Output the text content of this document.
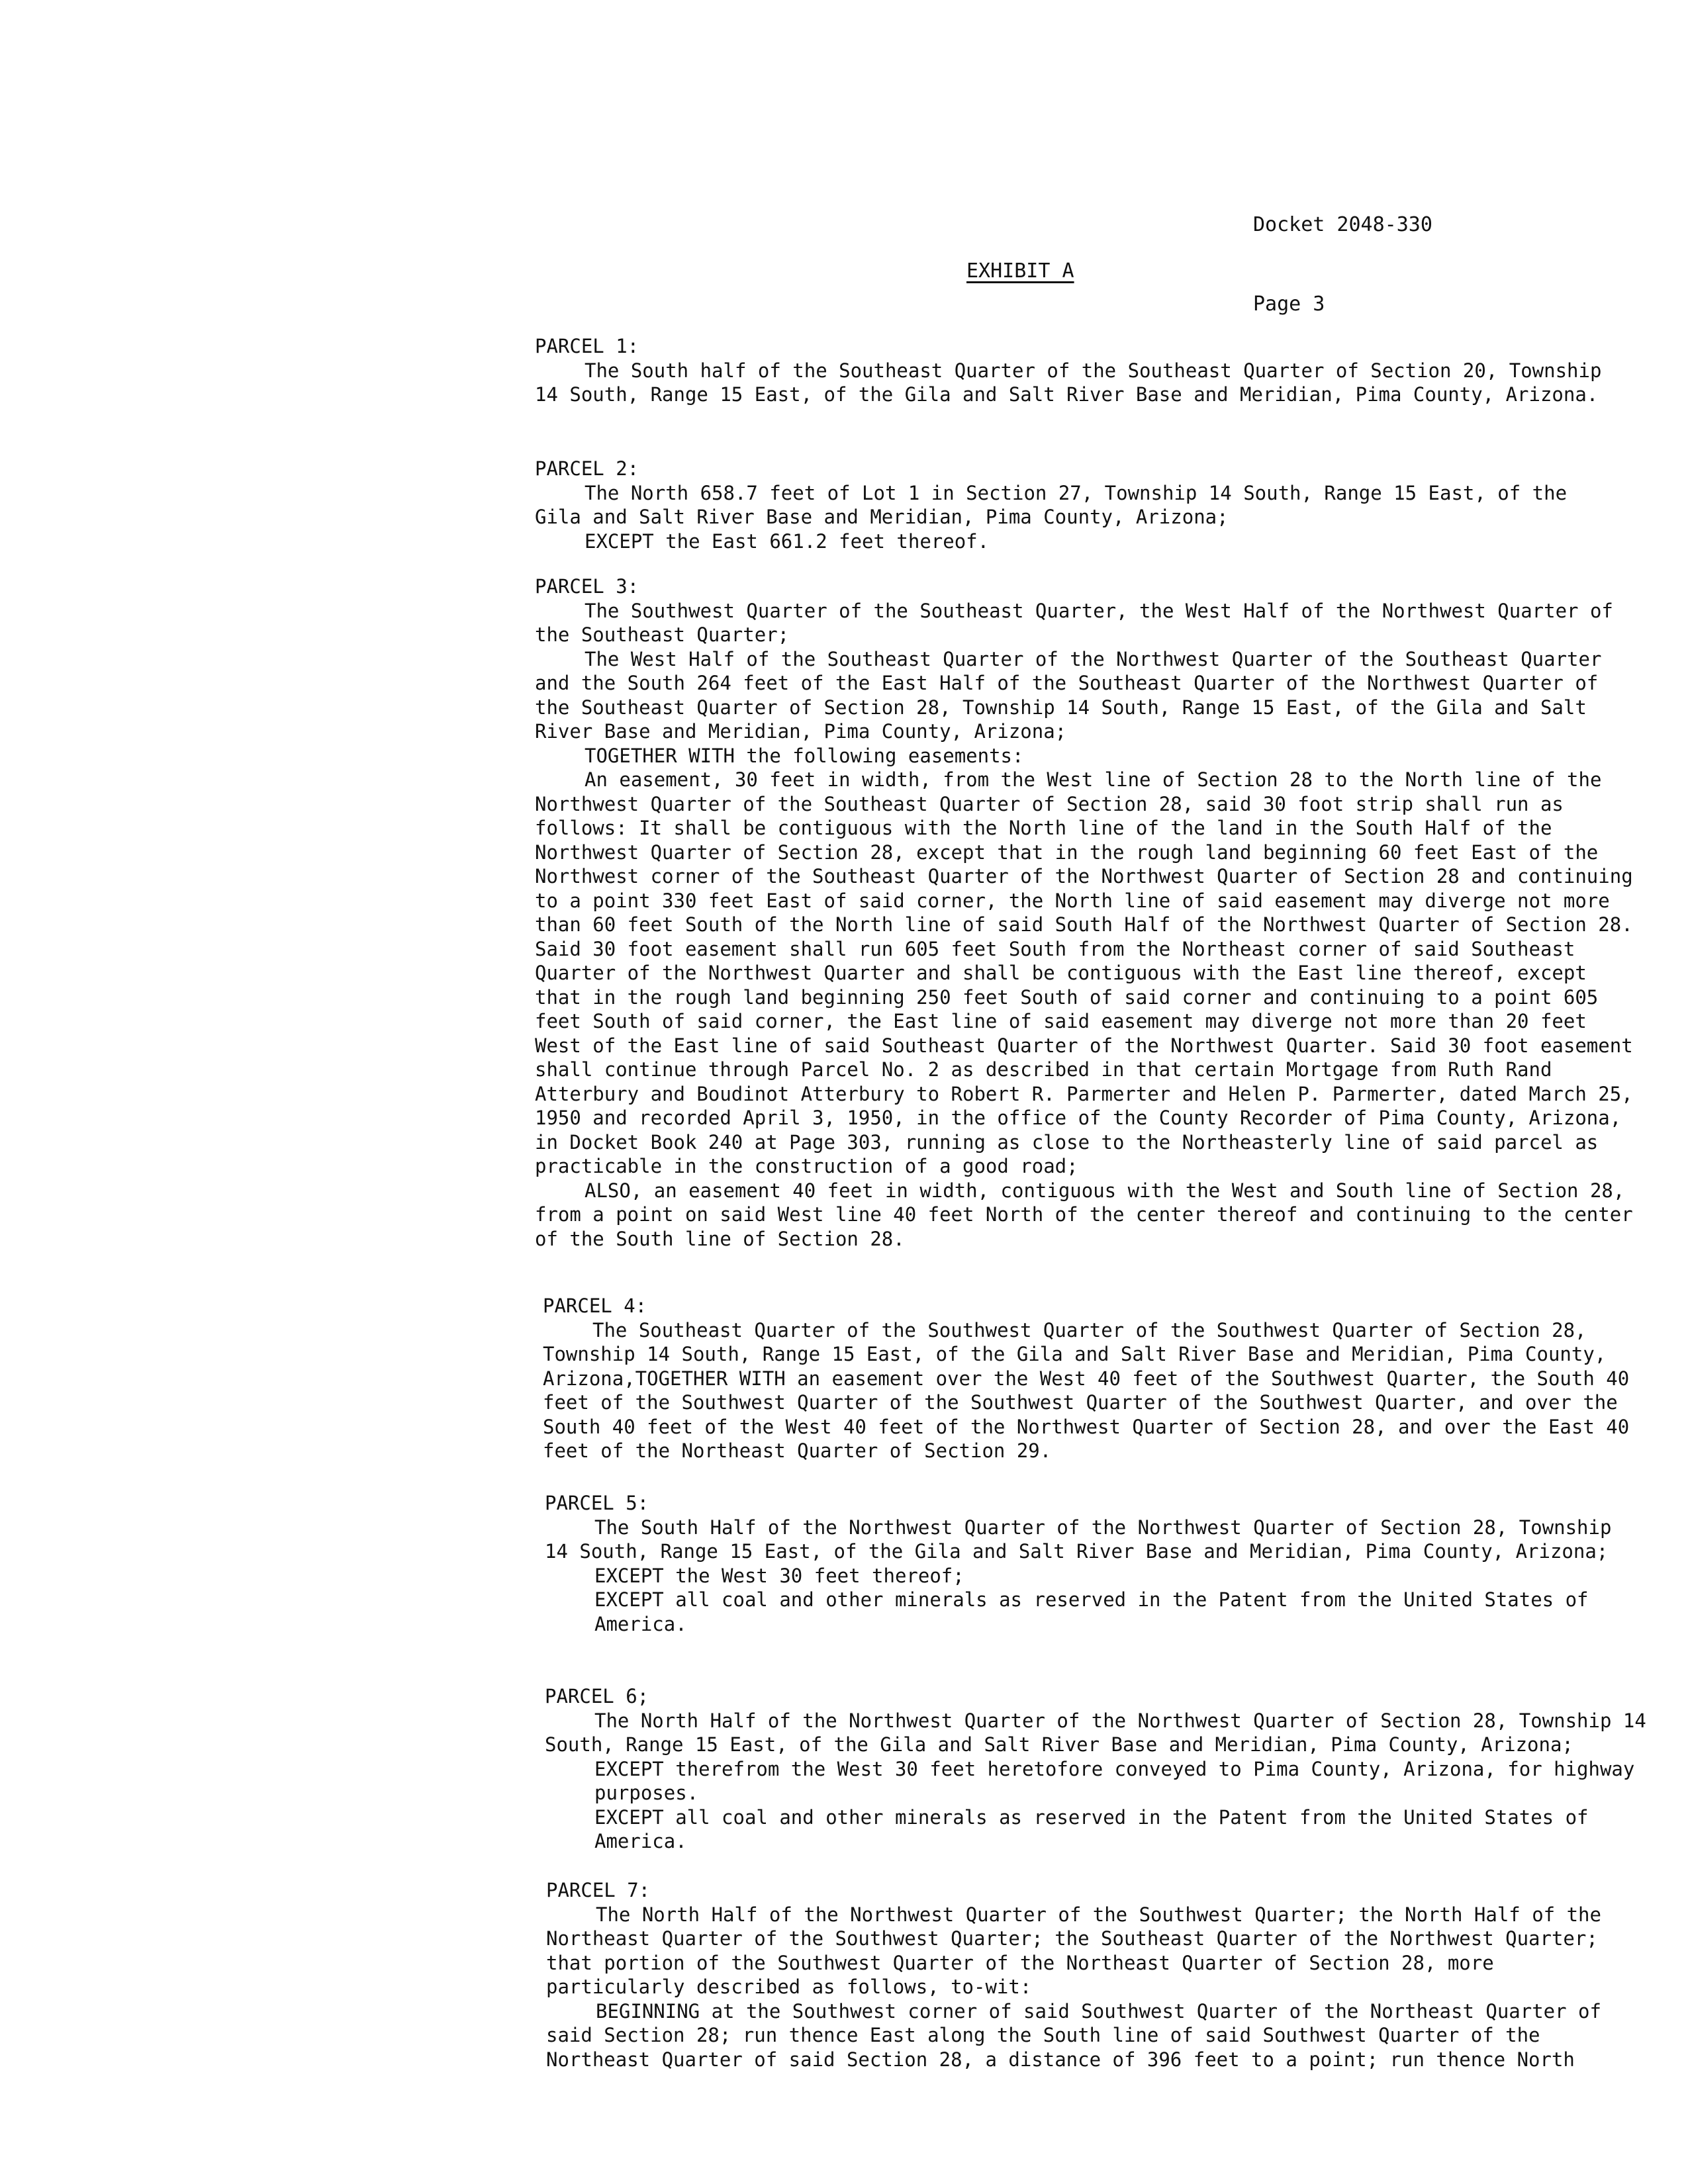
Docket 2048-330

Page 3

EXHIBIT A
PARCEL 1:
The South half of the Southeast Quarter of the Southeast Quarter of Section 20, Township 14 South, Range 15 East, of the Gila and Salt River Base and Meridian, Pima County, Arizona.
PARCEL 2:
The North 658.7 feet of Lot 1 in Section 27, Township 14 South, Range 15 East, of the Gila and Salt River Base and Meridian, Pima County, Arizona;
EXCEPT the East 661.2 feet thereof.
PARCEL 3:
The Southwest Quarter of the Southeast Quarter, the West Half of the Northwest Quarter of the Southeast Quarter;
The West Half of the Southeast Quarter of the Northwest Quarter of the Southeast Quarter and the South 264 feet of the East Half of the Southeast Quarter of the Northwest Quarter of the Southeast Quarter of Section 28, Township 14 South, Range 15 East, of the Gila and Salt River Base and Meridian, Pima County, Arizona;
TOGETHER WITH the following easements:
An easement, 30 feet in width, from the West line of Section 28 to the North line of the Northwest Quarter of the Southeast Quarter of Section 28, said 30 foot strip shall run as follows: It shall be contiguous with the North line of the land in the South Half of the Northwest Quarter of Section 28, except that in the rough land beginning 60 feet East of the Northwest corner of the Southeast Quarter of the Northwest Quarter of Section 28 and continuing to a point 330 feet East of said corner, the North line of said easement may diverge not more than 60 feet South of the North line of said South Half of the Northwest Quarter of Section 28. Said 30 foot easement shall run 605 feet South from the Northeast corner of said Southeast Quarter of the Northwest Quarter and shall be contiguous with the East line thereof, except that in the rough land beginning 250 feet South of said corner and continuing to a point 605 feet South of said corner, the East line of said easement may diverge not more than 20 feet West of the East line of said Southeast Quarter of the Northwest Quarter. Said 30 foot easement shall continue through Parcel No. 2 as described in that certain Mortgage from Ruth Rand Atterbury and Boudinot Atterbury to Robert R. Parmerter and Helen P. Parmerter, dated March 25, 1950 and recorded April 3, 1950, in the office of the County Recorder of Pima County, Arizona, in Docket Book 240 at Page 303, running as close to the Northeasterly line of said parcel as practicable in the construction of a good road;
ALSO, an easement 40 feet in width, contiguous with the West and South line of Section 28, from a point on said West line 40 feet North of the center thereof and continuing to the center of the South line of Section 28.
PARCEL 4:
The Southeast Quarter of the Southwest Quarter of the Southwest Quarter of Section 28, Township 14 South, Range 15 East, of the Gila and Salt River Base and Meridian, Pima County, Arizona,TOGETHER WITH an easement over the West 40 feet of the Southwest Quarter, the South 40 feet of the Southwest Quarter of the Southwest Quarter of the Southwest Quarter, and over the South 40 feet of the West 40 feet of the Northwest Quarter of Section 28, and over the East 40 feet of the Northeast Quarter of Section 29.
PARCEL 5:
The South Half of the Northwest Quarter of the Northwest Quarter of Section 28, Township 14 South, Range 15 East, of the Gila and Salt River Base and Meridian, Pima County, Arizona;
EXCEPT the West 30 feet thereof;
EXCEPT all coal and other minerals as reserved in the Patent from the United States of America.
PARCEL 6;
The North Half of the Northwest Quarter of the Northwest Quarter of Section 28, Township 14 South, Range 15 East, of the Gila and Salt River Base and Meridian, Pima County, Arizona;
EXCEPT therefrom the West 30 feet heretofore conveyed to Pima County, Arizona, for highway purposes.
EXCEPT all coal and other minerals as reserved in the Patent from the United States of America.
PARCEL 7:
The North Half of the Northwest Quarter of the Southwest Quarter; the North Half of the Northeast Quarter of the Southwest Quarter; the Southeast Quarter of the Northwest Quarter; that portion of the Southwest Quarter of the Northeast Quarter of Section 28, more particularly described as follows, to-wit:
BEGINNING at the Southwest corner of said Southwest Quarter of the Northeast Quarter of said Section 28; run thence East along the South line of said Southwest Quarter of the Northeast Quarter of said Section 28, a distance of 396 feet to a point; run thence North
